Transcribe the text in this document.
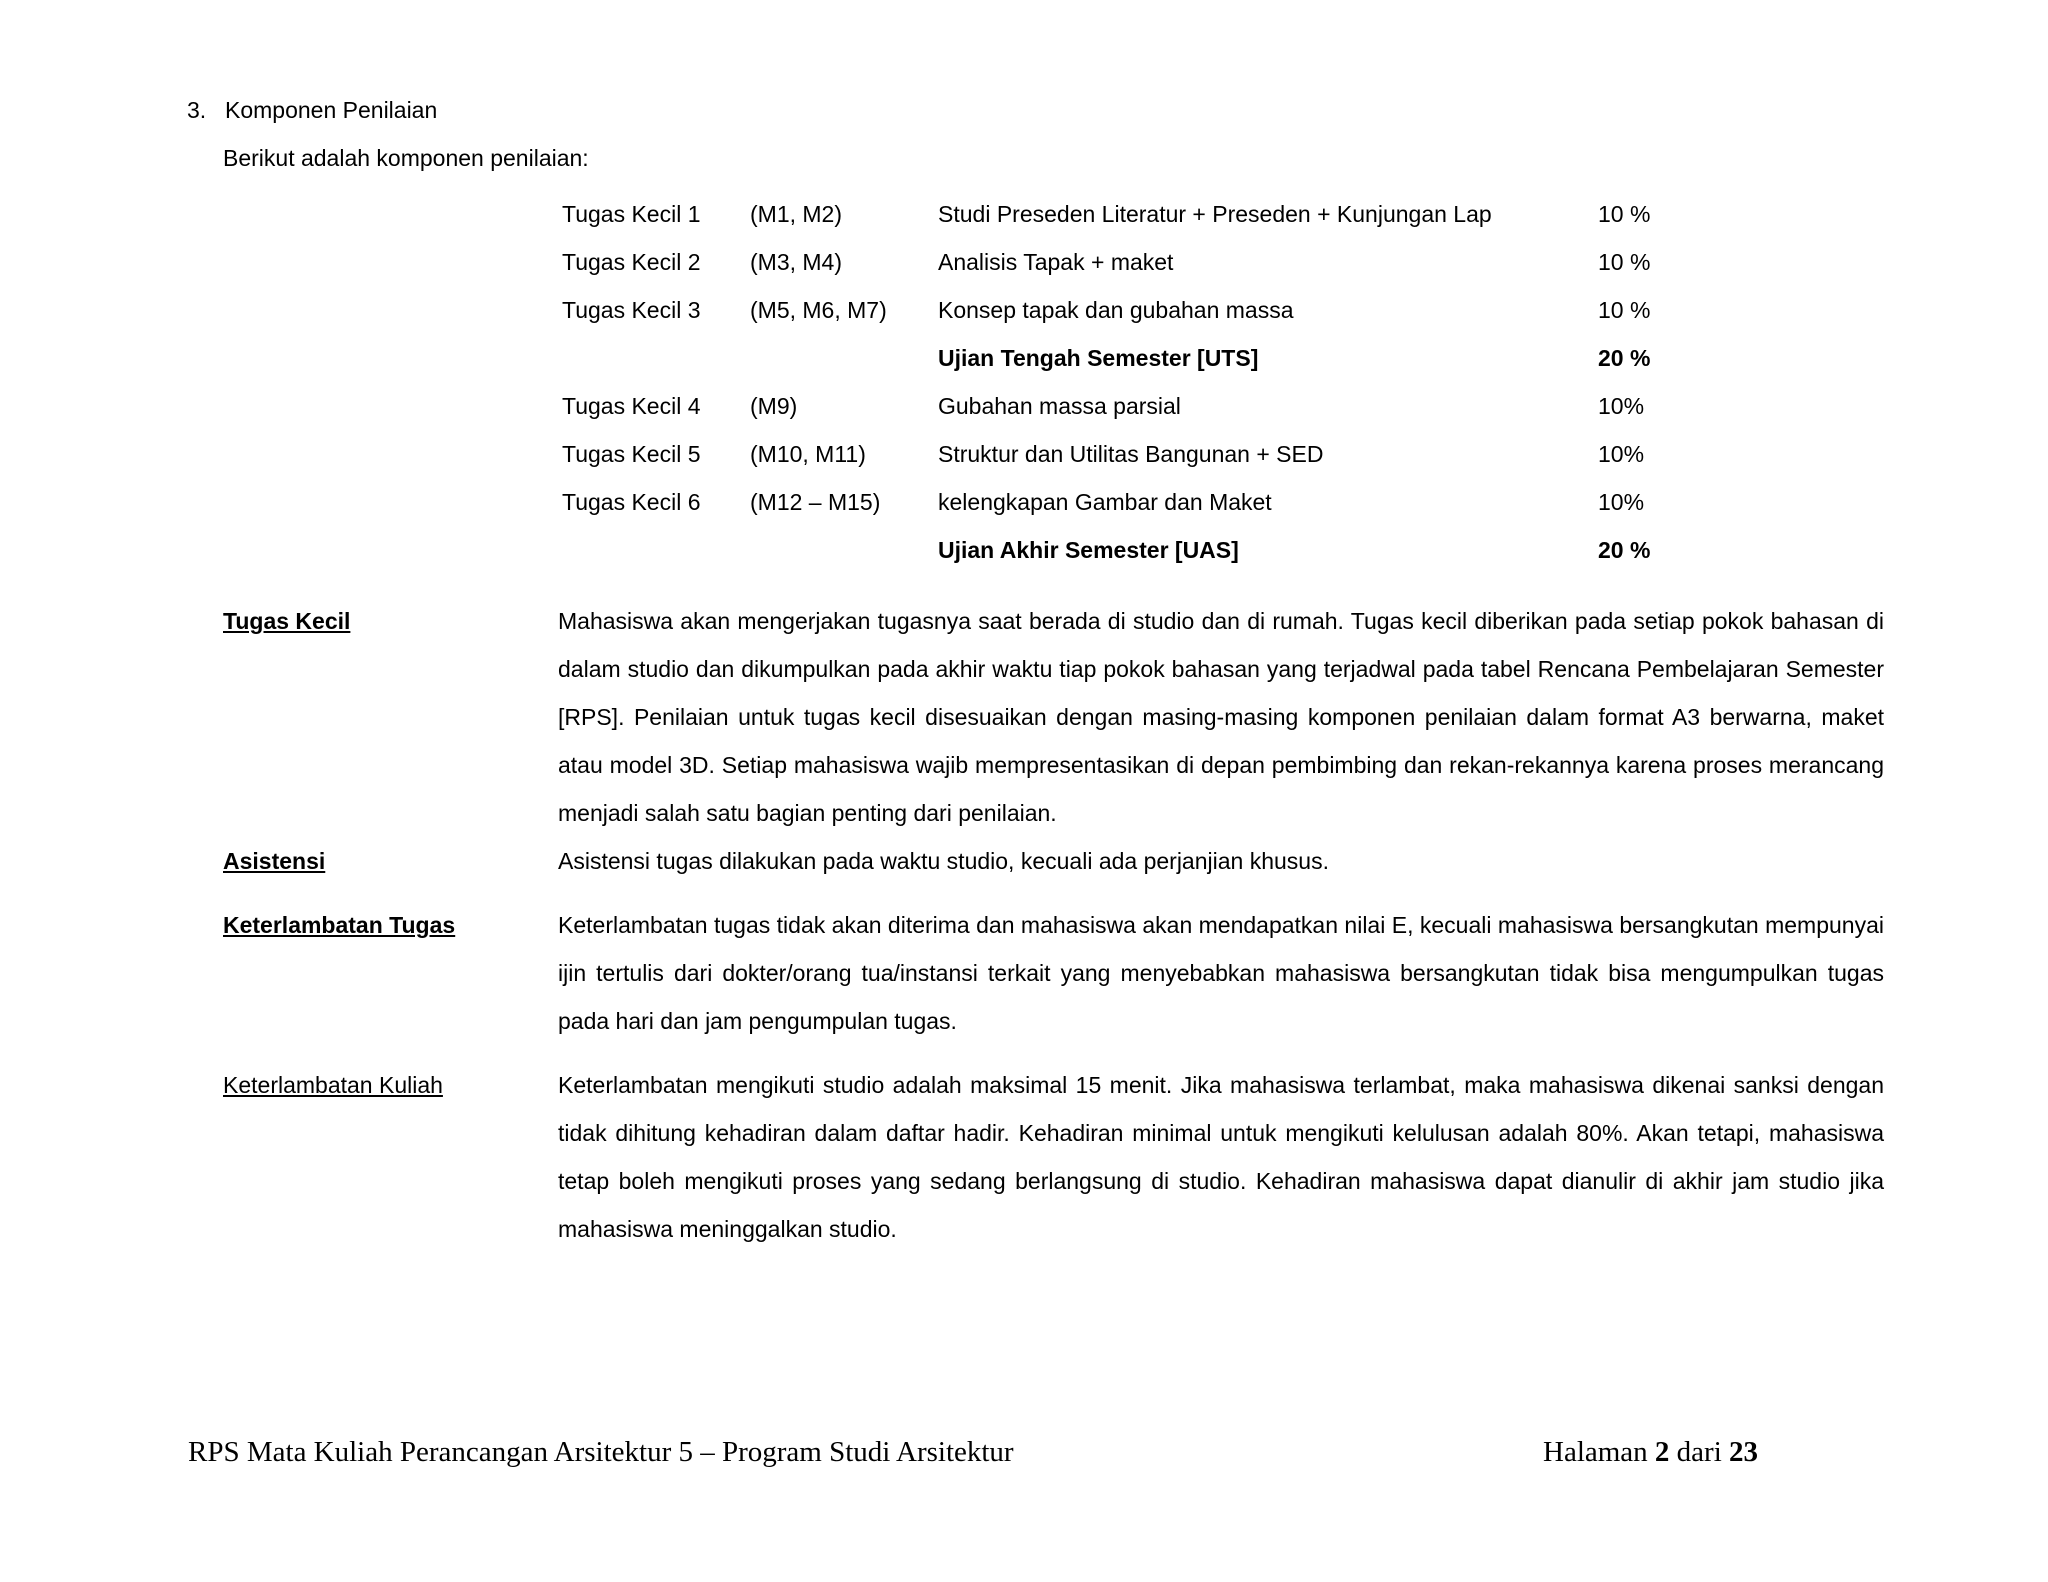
3. Komponen Penilaian
Berikut adalah komponen penilaian:
Tugas Kecil 1	(M1, M2)	Studi Preseden Literatur + Preseden + Kunjungan Lap	10 %
Tugas Kecil 2	(M3, M4)	Analisis Tapak + maket	10 %
Tugas Kecil 3	(M5, M6, M7)	Konsep tapak dan gubahan massa	10 %
		Ujian Tengah Semester [UTS]	20 %
Tugas Kecil 4	(M9)	Gubahan massa parsial	10%
Tugas Kecil 5	(M10, M11)	Struktur dan Utilitas Bangunan + SED	10%
Tugas Kecil 6	(M12 – M15)	kelengkapan Gambar dan Maket	10%
		Ujian Akhir Semester [UAS]	20 %
Tugas Kecil	Mahasiswa akan mengerjakan tugasnya saat berada di studio dan di rumah. Tugas kecil diberikan pada setiap pokok bahasan di dalam studio dan dikumpulkan pada akhir waktu tiap pokok bahasan yang terjadwal pada tabel Rencana Pembelajaran Semester [RPS]. Penilaian untuk tugas kecil disesuaikan dengan masing-masing komponen penilaian dalam format A3 berwarna, maket atau model 3D. Setiap mahasiswa wajib mempresentasikan di depan pembimbing dan rekan-rekannya karena proses merancang menjadi salah satu bagian penting dari penilaian.
Asistensi	Asistensi tugas dilakukan pada waktu studio, kecuali ada perjanjian khusus.
Keterlambatan Tugas	Keterlambatan tugas tidak akan diterima dan mahasiswa akan mendapatkan nilai E, kecuali mahasiswa bersangkutan mempunyai ijin tertulis dari dokter/orang tua/instansi terkait yang menyebabkan mahasiswa bersangkutan tidak bisa mengumpulkan tugas pada hari dan jam pengumpulan tugas.
Keterlambatan Kuliah	Keterlambatan mengikuti studio adalah maksimal 15 menit. Jika mahasiswa terlambat, maka mahasiswa dikenai sanksi dengan tidak dihitung kehadiran dalam daftar hadir. Kehadiran minimal untuk mengikuti kelulusan adalah 80%. Akan tetapi, mahasiswa tetap boleh mengikuti proses yang sedang berlangsung di studio. Kehadiran mahasiswa dapat dianulir di akhir jam studio jika mahasiswa meninggalkan studio.
RPS Mata Kuliah Perancangan Arsitektur 5 – Program Studi Arsitektur	Halaman 2 dari 23
